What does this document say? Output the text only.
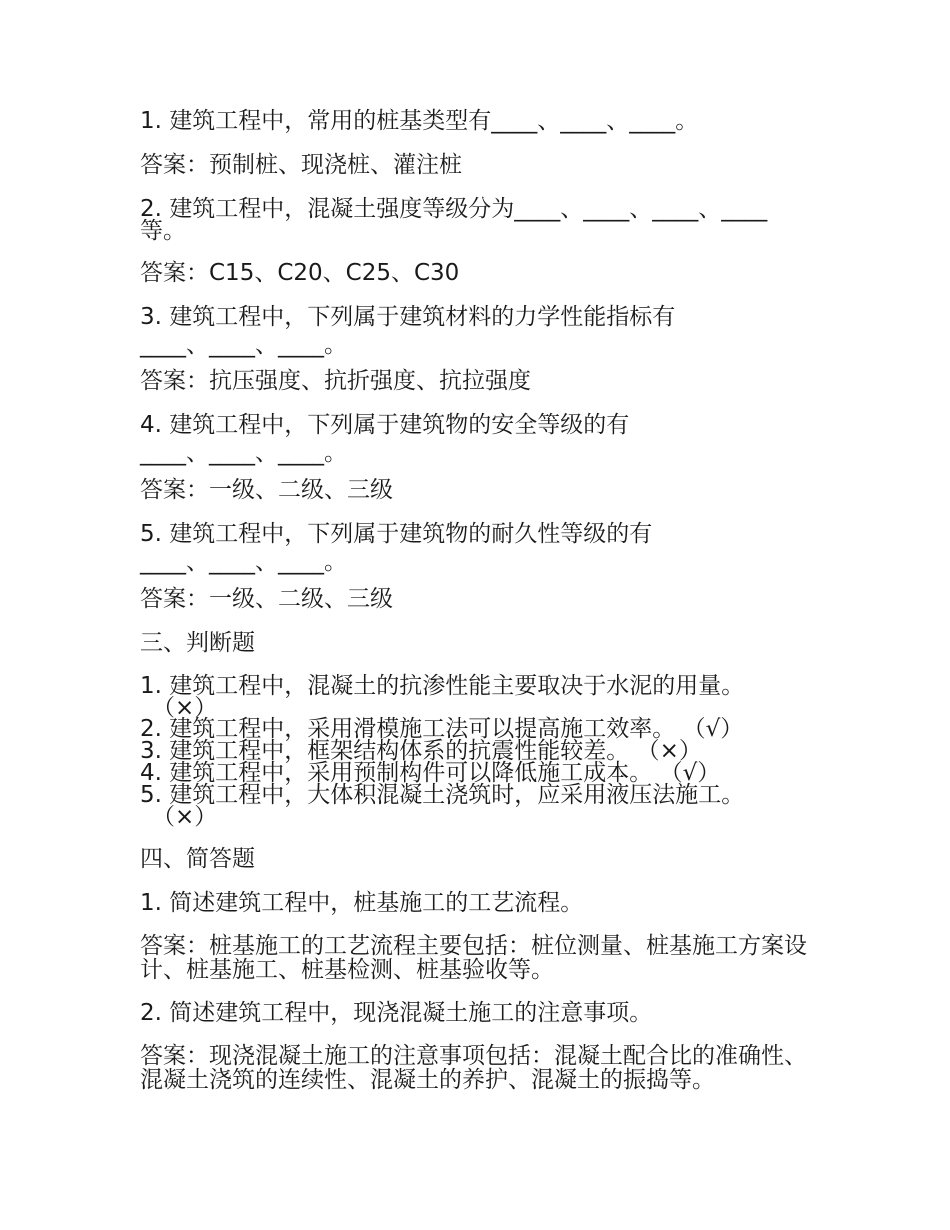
1. 建筑工程中，常用的桩基类型有____、____、____。
答案：预制桩、现浇桩、灌注桩
2. 建筑工程中，混凝土强度等级分为____、____、____、____
等。
答案：C15、C20、C25、C30
3. 建筑工程中，下列属于建筑材料的力学性能指标有
____、____、____。
答案：抗压强度、抗折强度、抗拉强度
4. 建筑工程中，下列属于建筑物的安全等级的有
____、____、____。
答案：一级、二级、三级
5. 建筑工程中，下列属于建筑物的耐久性等级的有
____、____、____。
答案：一级、二级、三级
三、判断题
1. 建筑工程中，混凝土的抗渗性能主要取决于水泥的用量。
（×）
2. 建筑工程中，采用滑模施工法可以提高施工效率。 （√）
3. 建筑工程中，框架结构体系的抗震性能较差。 （×）
4. 建筑工程中，采用预制构件可以降低施工成本。 （√）
5. 建筑工程中，大体积混凝土浇筑时，应采用液压法施工。
（×）
四、简答题
1. 简述建筑工程中，桩基施工的工艺流程。
答案：桩基施工的工艺流程主要包括：桩位测量、桩基施工方案设计、桩基施工、桩基检测、桩基验收等。
2. 简述建筑工程中，现浇混凝土施工的注意事项。
答案：现浇混凝土施工的注意事项包括：混凝土配合比的准确性、混凝土浇筑的连续性、混凝土的养护、混凝土的振捣等。
